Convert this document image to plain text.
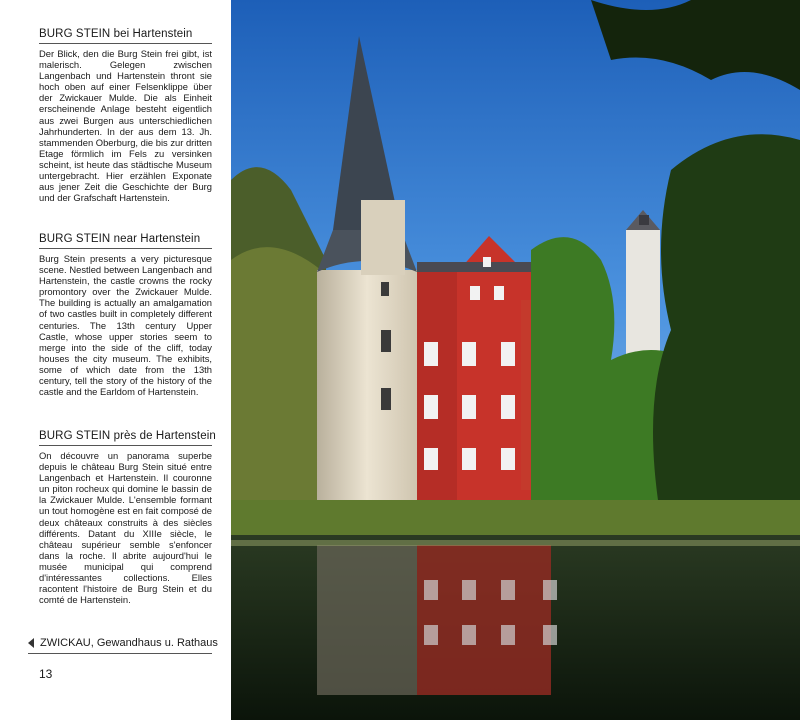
BURG STEIN bei Hartenstein

Der Blick, den die Burg Stein frei gibt, ist malerisch. Gelegen zwischen Langenbach und Hartenstein thront sie hoch oben auf einer Felsenklippe über der Zwickauer Mulde. Die als Einheit erscheinende Anlage besteht eigentlich aus zwei Burgen aus unterschiedlichen Jahrhunderten. In der aus dem 13. Jh. stammenden Oberburg, die bis zur dritten Etage förmlich im Fels zu versinken scheint, ist heute das städtische Museum untergebracht. Hier erzählen Exponate aus jener Zeit die Geschichte der Burg und der Grafschaft Hartenstein.

BURG STEIN near Hartenstein

Burg Stein presents a very picturesque scene. Nestled between Langenbach and Hartenstein, the castle crowns the rocky promontory over the Zwickauer Mulde. The building is actually an amalgamation of two castles built in completely different centuries. The 13th century Upper Castle, whose upper stories seem to merge into the side of the cliff, today houses the city museum. The exhibits, some of which date from the 13th century, tell the story of the history of the castle and the Earldom of Hartenstein.

BURG STEIN près de Hartenstein

On découvre un panorama superbe depuis le château Burg Stein situé entre Langenbach et Hartenstein. Il couronne un piton rocheux qui domine le bassin de la Zwickauer Mulde. L'ensemble formant un tout homogène est en fait composé de deux châteaux construits à des siècles différents. Datant du XIIIe siècle, le château supérieur semble s'enfoncer dans la roche. Il abrite aujourd'hui le musée municipal qui comprend d'intéressantes collections. Elles racontent l'histoire de Burg Stein et du comté de Hartenstein.

ZWICKAU, Gewandhaus u. Rathaus
13
